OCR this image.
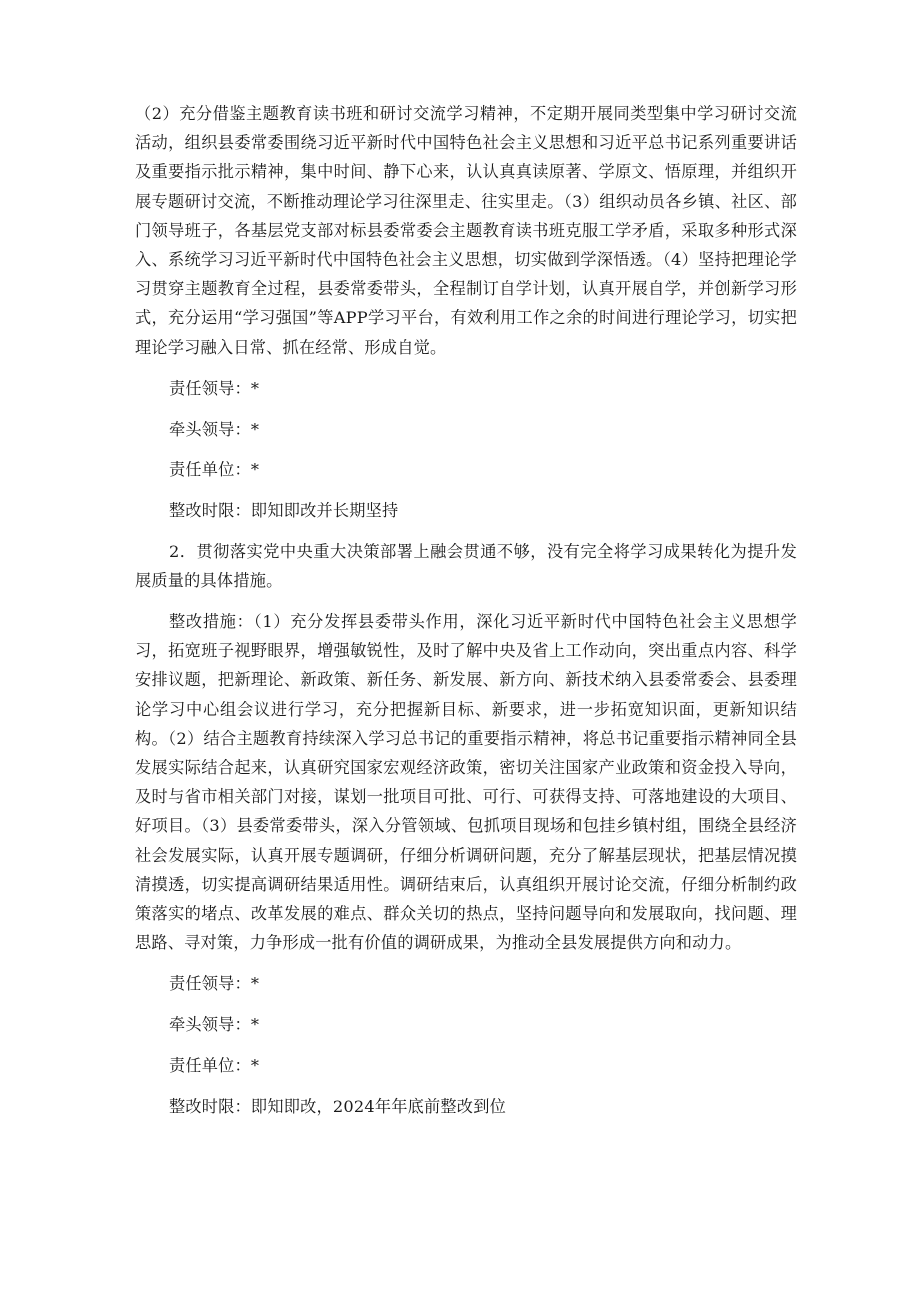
（2）充分借鉴主题教育读书班和研讨交流学习精神，不定期开展同类型集中学习研讨交流活动，组织县委常委围绕习近平新时代中国特色社会主义思想和习近平总书记系列重要讲话及重要指示批示精神，集中时间、静下心来，认认真真读原著、学原文、悟原理，并组织开展专题研讨交流，不断推动理论学习往深里走、往实里走。（3）组织动员各乡镇、社区、部门领导班子，各基层党支部对标县委常委会主题教育读书班克服工学矛盾，采取多种形式深入、系统学习习近平新时代中国特色社会主义思想，切实做到学深悟透。（4）坚持把理论学习贯穿主题教育全过程，县委常委带头，全程制订自学计划，认真开展自学，并创新学习形式，充分运用“学习强国”等APP学习平台，有效利用工作之余的时间进行理论学习，切实把理论学习融入日常、抓在经常、形成自觉。

责任领导：*

牵头领导：*

责任单位：*

整改时限：即知即改并长期坚持

2．贯彻落实党中央重大决策部署上融会贯通不够，没有完全将学习成果转化为提升发展质量的具体措施。

整改措施：（1）充分发挥县委带头作用，深化习近平新时代中国特色社会主义思想学习，拓宽班子视野眼界，增强敏锐性，及时了解中央及省上工作动向，突出重点内容、科学安排议题，把新理论、新政策、新任务、新发展、新方向、新技术纳入县委常委会、县委理论学习中心组会议进行学习，充分把握新目标、新要求，进一步拓宽知识面，更新知识结构。（2）结合主题教育持续深入学习总书记的重要指示精神，将总书记重要指示精神同全县发展实际结合起来，认真研究国家宏观经济政策，密切关注国家产业政策和资金投入导向，及时与省市相关部门对接，谋划一批项目可批、可行、可获得支持、可落地建设的大项目、好项目。（3）县委常委带头，深入分管领域、包抓项目现场和包挂乡镇村组，围绕全县经济社会发展实际，认真开展专题调研，仔细分析调研问题，充分了解基层现状，把基层情况摸清摸透，切实提高调研结果适用性。调研结束后，认真组织开展讨论交流，仔细分析制约政策落实的堵点、改革发展的难点、群众关切的热点，坚持问题导向和发展取向，找问题、理思路、寻对策，力争形成一批有价值的调研成果，为推动全县发展提供方向和动力。

责任领导：*

牵头领导：*

责任单位：*

整改时限：即知即改，2024年年底前整改到位
